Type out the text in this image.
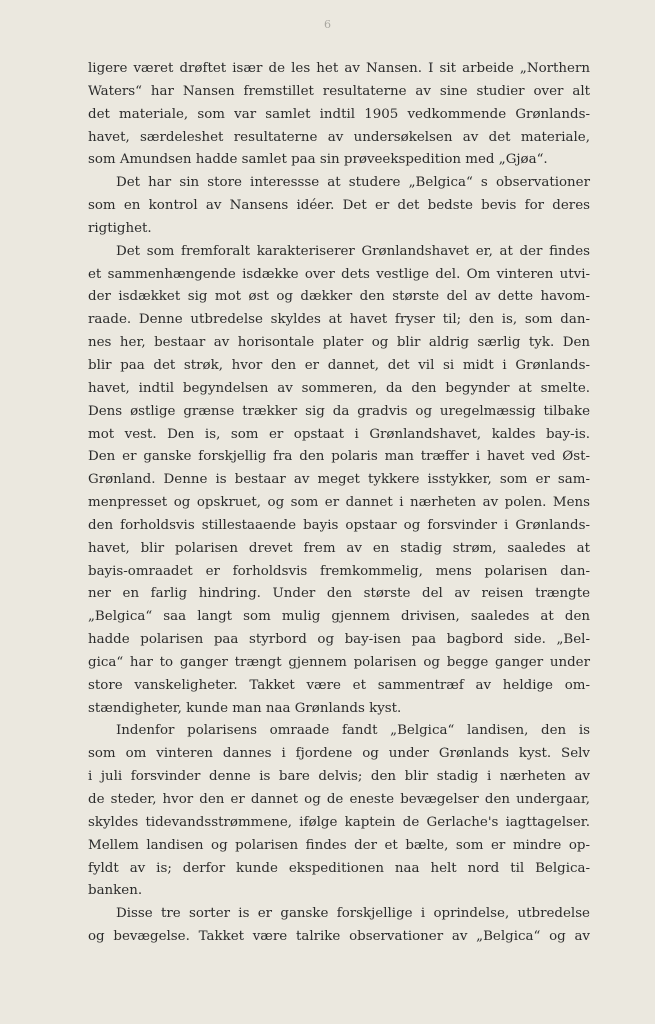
6
ligere været drøftet især de les het av Nansen. I sit arbeide „Northern
Waters“ har Nansen fremstillet resultaterne av sine studier over alt
det materiale, som var samlet indtil 1905 vedkommende Grønlands-
havet, særdeleshet resultaterne av undersøkelsen av det materiale,
som Amundsen hadde samlet paa sin prøveekspedition med „Gjøa“.
Det har sin store interessse at studere „Belgica“ s observationer
som en kontrol av Nansens idéer. Det er det bedste bevis for deres
rigtighet.
Det som fremforalt karakteriserer Grønlandshavet er, at der findes
et sammenhængende isdække over dets vestlige del. Om vinteren utvi-
der isdækket sig mot øst og dækker den største del av dette havom-
raade. Denne utbredelse skyldes at havet fryser til; den is, som dan-
nes her, bestaar av horisontale plater og blir aldrig særlig tyk. Den
blir paa det strøk, hvor den er dannet, det vil si midt i Grønlands-
havet, indtil begyndelsen av sommeren, da den begynder at smelte.
Dens østlige grænse trækker sig da gradvis og uregelmæssig tilbake
mot vest. Den is, som er opstaat i Grønlandshavet, kaldes bay-is.
Den er ganske forskjellig fra den polaris man træffer i havet ved Øst-
Grønland. Denne is bestaar av meget tykkere isstykker, som er sam-
menpresset og opskruet, og som er dannet i nærheten av polen. Mens
den forholdsvis stillestaaende bayis opstaar og forsvinder i Grønlands-
havet, blir polarisen drevet frem av en stadig strøm, saaledes at
bayis-omraadet er forholdsvis fremkommelig, mens polarisen dan-
ner en farlig hindring. Under den største del av reisen trængte
„Belgica“ saa langt som mulig gjennem drivisen, saaledes at den
hadde polarisen paa styrbord og bay-isen paa bagbord side. „Bel-
gica“ har to ganger trængt gjennem polarisen og begge ganger under
store vanskeligheter. Takket være et sammentræf av heldige om-
stændigheter, kunde man naa Grønlands kyst.
Indenfor polarisens omraade fandt „Belgica“ landisen, den is
som om vinteren dannes i fjordene og under Grønlands kyst. Selv
i juli forsvinder denne is bare delvis; den blir stadig i nærheten av
de steder, hvor den er dannet og de eneste bevægelser den undergaar,
skyldes tidevandsstrømmene, ifølge kaptein de Gerlache's iagttagelser.
Mellem landisen og polarisen findes der et bælte, som er mindre op-
fyldt av is; derfor kunde ekspeditionen naa helt nord til Belgica-
banken.
Disse tre sorter is er ganske forskjellige i oprindelse, utbredelse
og bevægelse. Takket være talrike observationer av „Belgica“ og av
